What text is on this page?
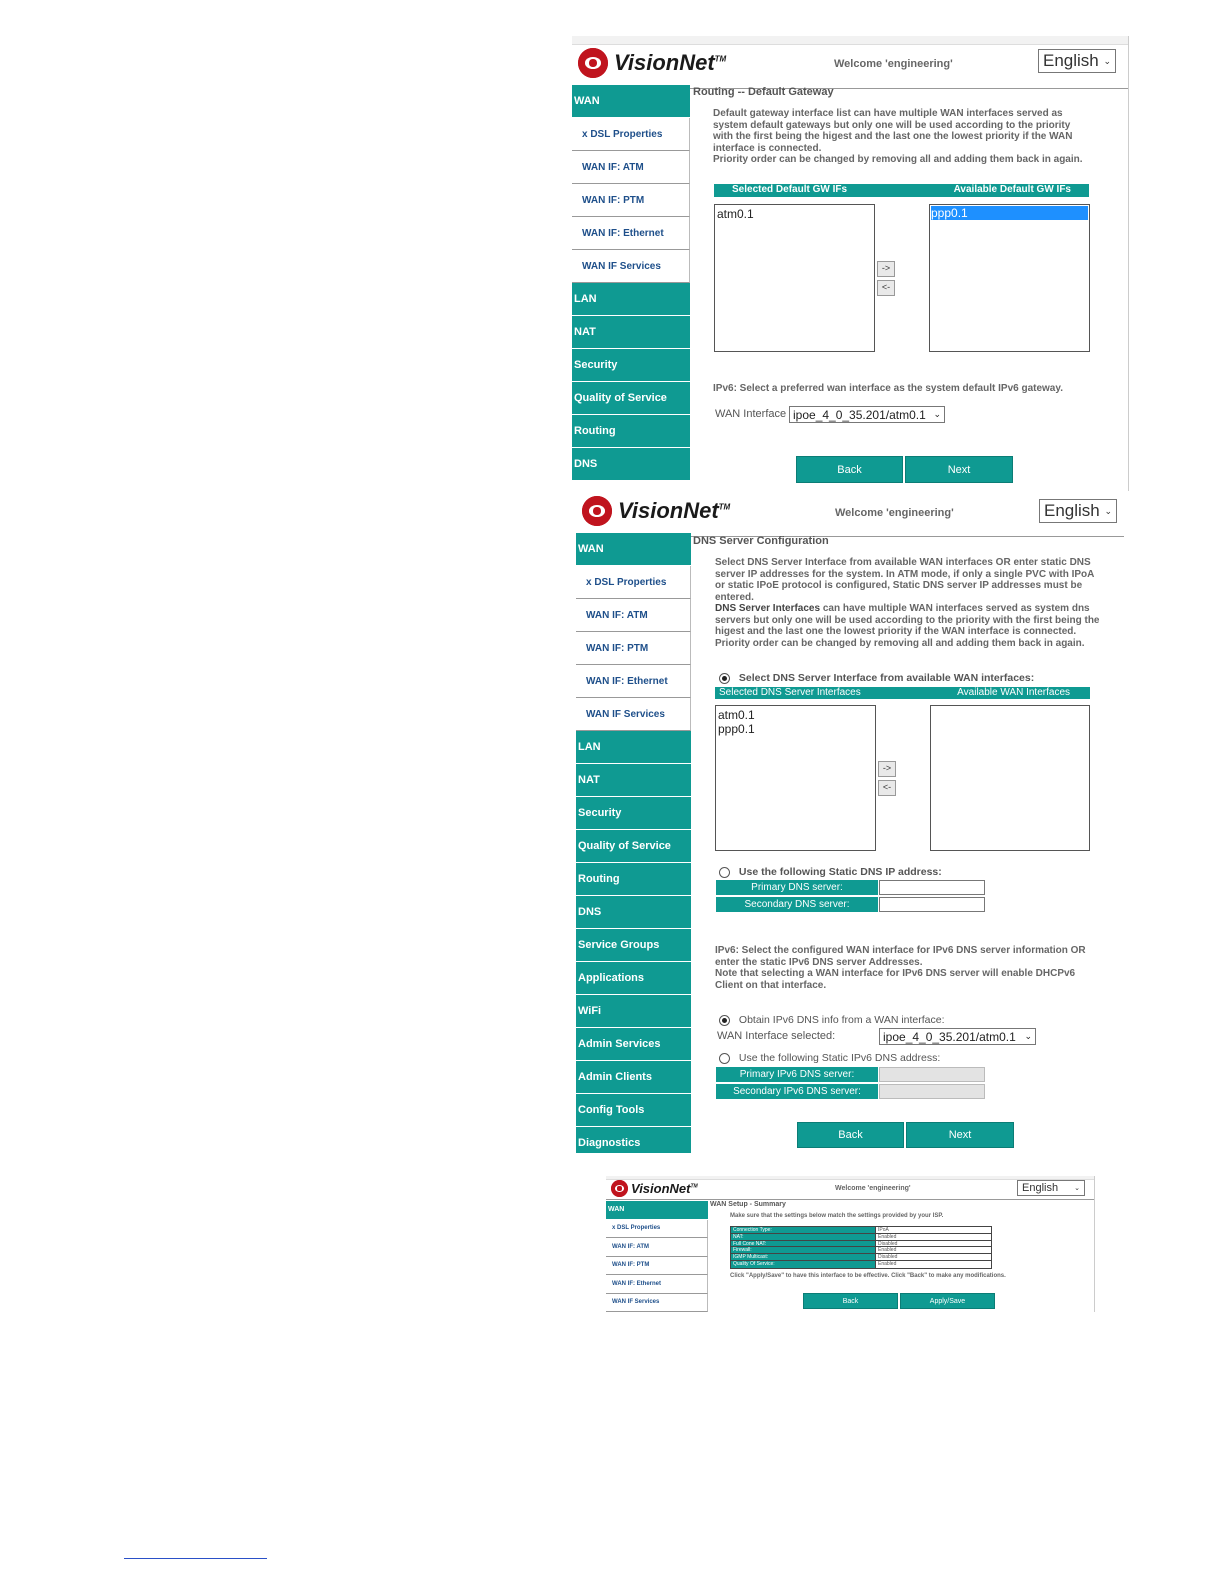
VisionNet™	Welcome 'engineering'	English ⌄
WAN
x DSL Properties
WAN IF: ATM
WAN IF: PTM
WAN IF: Ethernet
WAN IF Services
LAN
NAT
Security
Quality of Service
Routing
DNS
Routing -- Default Gateway
Default gateway interface list can have multiple WAN interfaces served as system default gateways but only one will be used according to the priority with the first being the higest and the last one the lowest priority if the WAN interface is connected.
Priority order can be changed by removing all and adding them back in again.
Selected Default GW IFs	Available Default GW IFs
atm0.1
->
<-
ppp0.1
IPv6: Select a preferred wan interface as the system default IPv6 gateway.
WAN Interface ipoe_4_0_35.201/atm0.1 ⌄
Back	Next
VisionNet™	Welcome 'engineering'	English ⌄
WAN
x DSL Properties
WAN IF: ATM
WAN IF: PTM
WAN IF: Ethernet
WAN IF Services
LAN
NAT
Security
Quality of Service
Routing
DNS
Service Groups
Applications
WiFi
Admin Services
Admin Clients
Config Tools
Diagnostics
DNS Server Configuration
Select DNS Server Interface from available WAN interfaces OR enter static DNS server IP addresses for the system. In ATM mode, if only a single PVC with IPoA or static IPoE protocol is configured, Static DNS server IP addresses must be entered.
DNS Server Interfaces can have multiple WAN interfaces served as system dns servers but only one will be used according to the priority with the first being the higest and the last one the lowest priority if the WAN interface is connected.
Priority order can be changed by removing all and adding them back in again.
Select DNS Server Interface from available WAN interfaces:
Selected DNS Server Interfaces	Available WAN Interfaces
atm0.1
ppp0.1
->
<-
Use the following Static DNS IP address:
Primary DNS server:
Secondary DNS server:
IPv6: Select the configured WAN interface for IPv6 DNS server information OR enter the static IPv6 DNS server Addresses.
Note that selecting a WAN interface for IPv6 DNS server will enable DHCPv6 Client on that interface.
Obtain IPv6 DNS info from a WAN interface:
WAN Interface selected:	ipoe_4_0_35.201/atm0.1 ⌄
Use the following Static IPv6 DNS address:
Primary IPv6 DNS server:
Secondary IPv6 DNS server:
Back	Next
VisionNet™	Welcome 'engineering'	English ⌄
WAN
x DSL Properties
WAN IF: ATM
WAN IF: PTM
WAN IF: Ethernet
WAN IF Services
WAN Setup - Summary
Make sure that the settings below match the settings provided by your ISP.
Connection Type:	IPoA
NAT:	Enabled
Full Cone NAT:	Disabled
Firewall:	Enabled
IGMP Multicast:	Disabled
Quality Of Service:	Enabled
Click "Apply/Save" to have this interface to be effective. Click "Back" to make any modifications.
Back	Apply/Save
